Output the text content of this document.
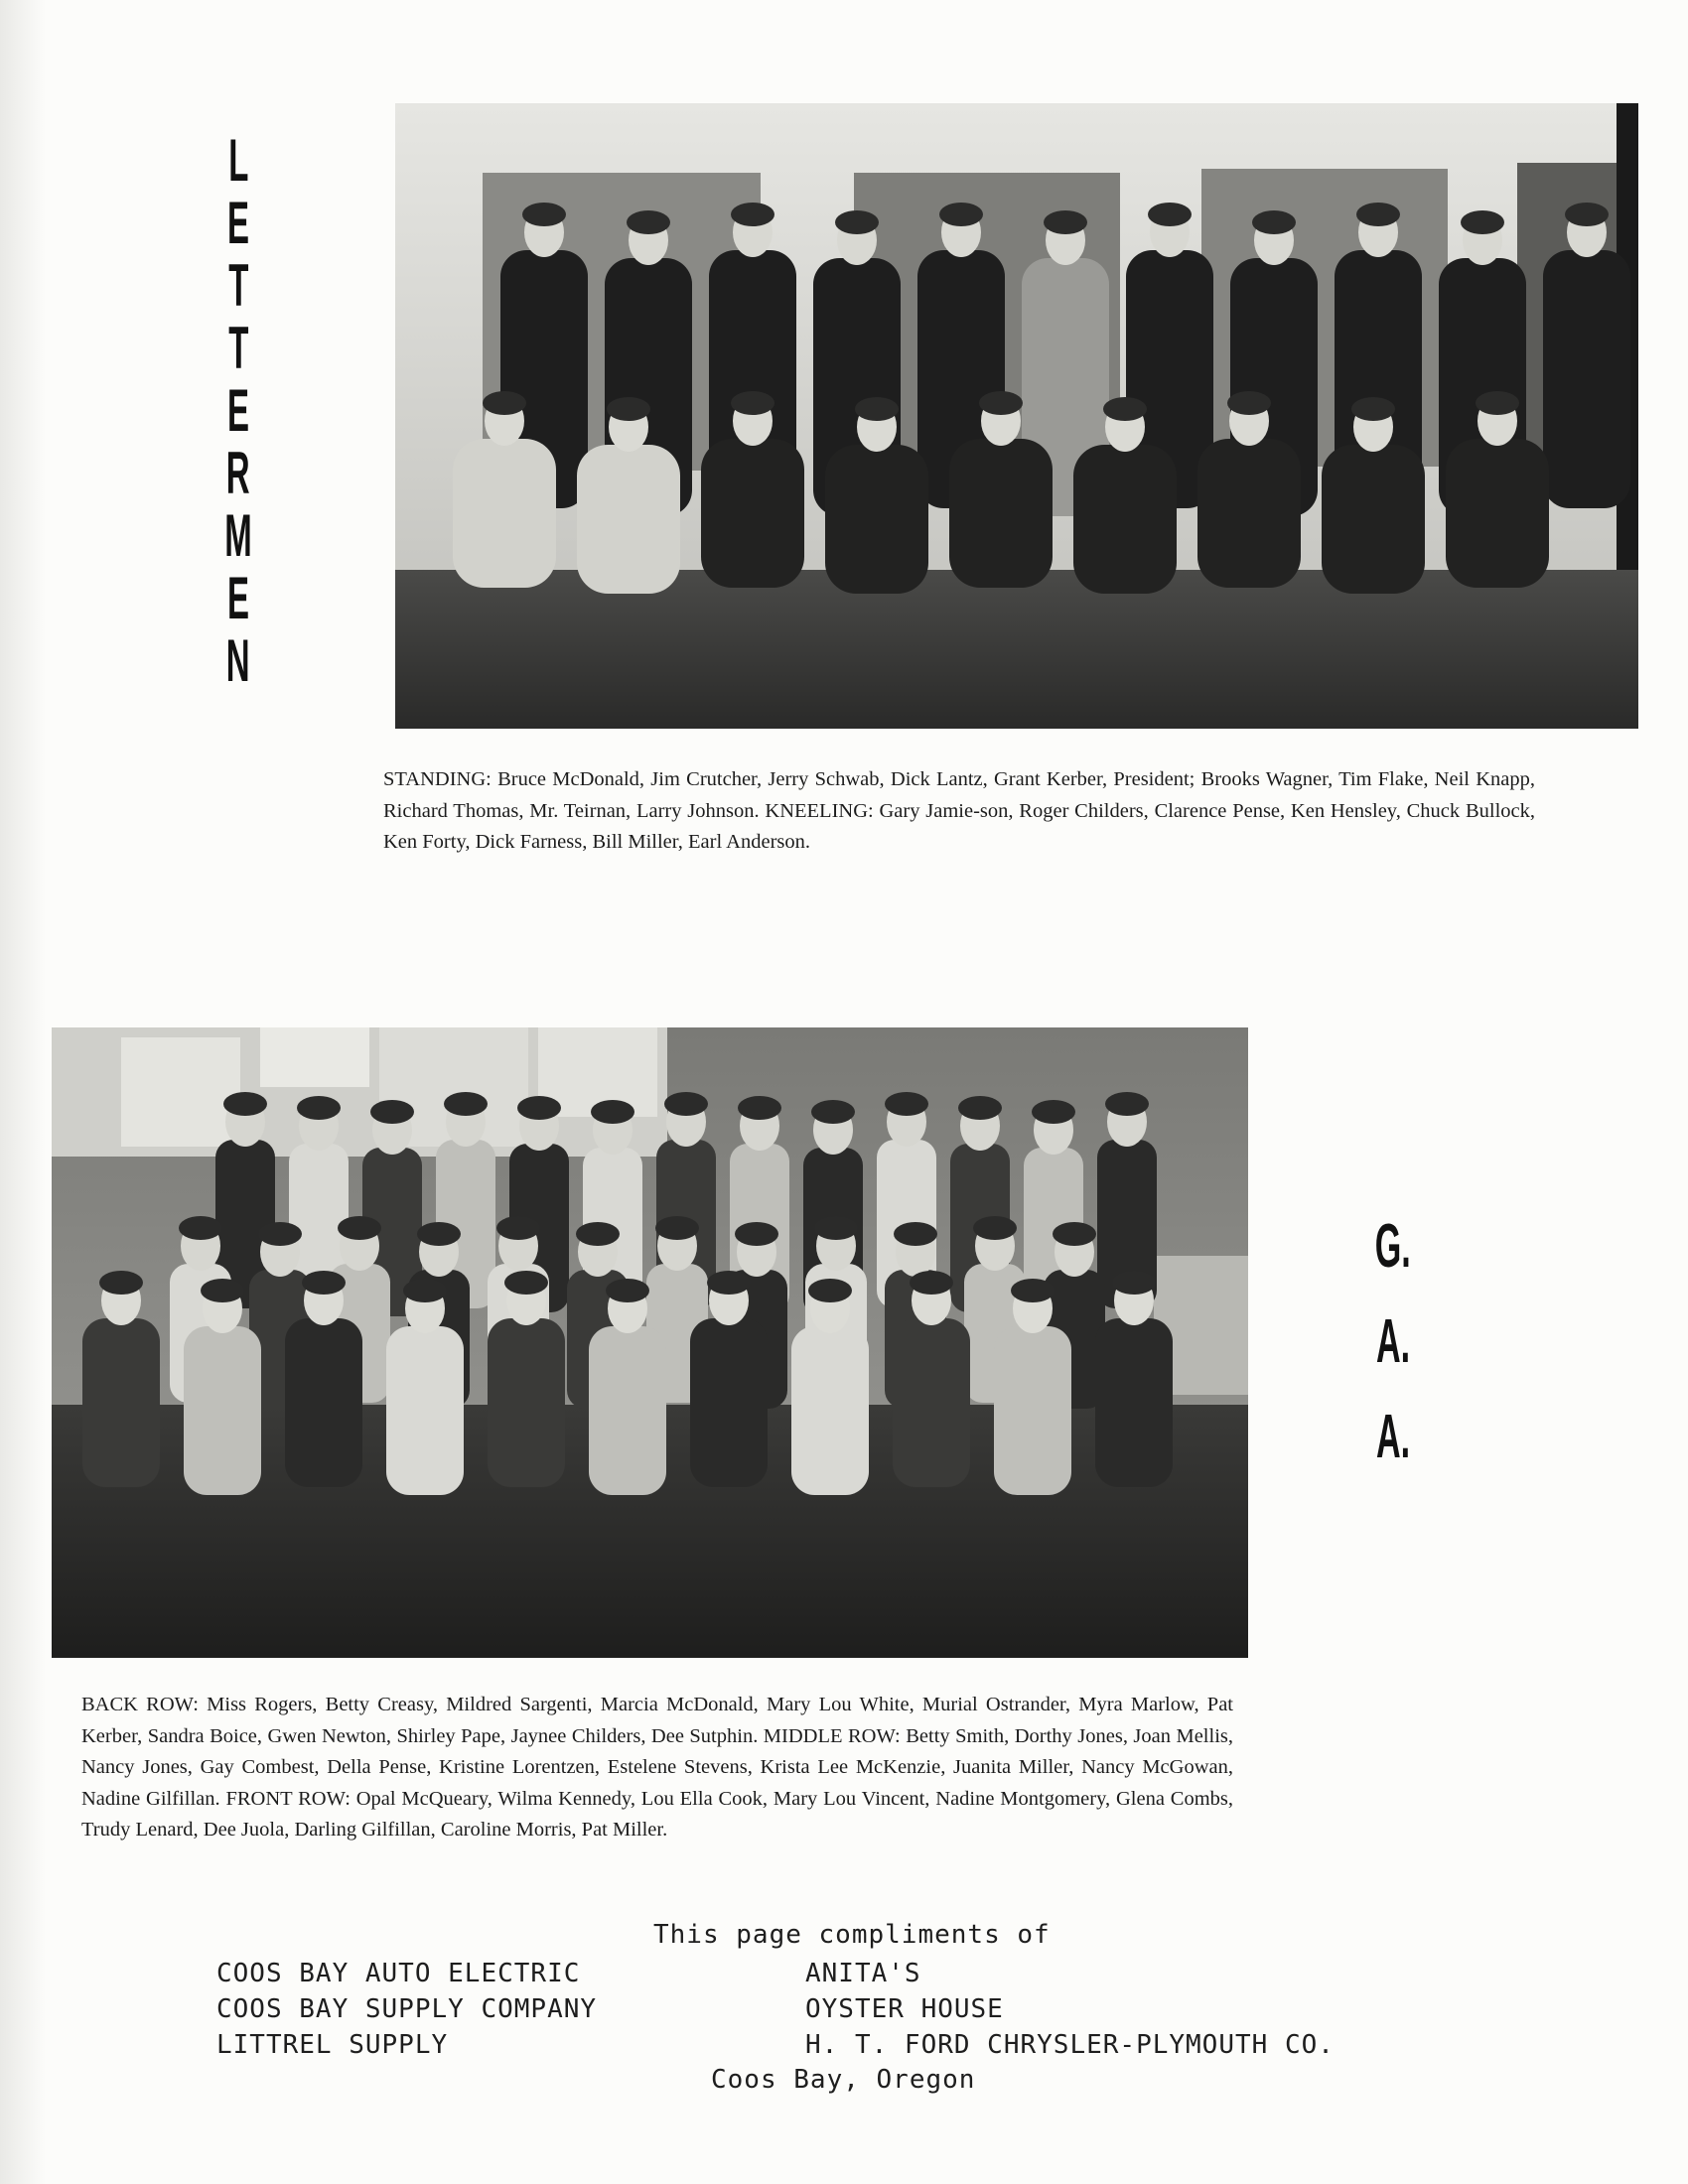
L
E
T
T
E
R
M
E
N
STANDING: Bruce McDonald, Jim Crutcher, Jerry Schwab, Dick Lantz, Grant Kerber, President; Brooks Wagner, Tim Flake, Neil Knapp, Richard Thomas, Mr. Teirnan, Larry Johnson. KNEELING: Gary Jamie-son, Roger Childers, Clarence Pense, Ken Hensley, Chuck Bullock, Ken Forty, Dick Farness, Bill Miller, Earl Anderson.
G.
A.
A.
BACK ROW: Miss Rogers, Betty Creasy, Mildred Sargenti, Marcia McDonald, Mary Lou White, Murial Ostrander, Myra Marlow, Pat Kerber, Sandra Boice, Gwen Newton, Shirley Pape, Jaynee Childers, Dee Sutphin. MIDDLE ROW: Betty Smith, Dorthy Jones, Joan Mellis, Nancy Jones, Gay Combest, Della Pense, Kristine Lorentzen, Estelene Stevens, Krista Lee McKenzie, Juanita Miller, Nancy McGowan, Nadine Gilfillan. FRONT ROW: Opal McQueary, Wilma Kennedy, Lou Ella Cook, Mary Lou Vincent, Nadine Montgomery, Glena Combs, Trudy Lenard, Dee Juola, Darling Gilfillan, Caroline Morris, Pat Miller.
This page compliments of
COOS BAY AUTO ELECTRIC
COOS BAY SUPPLY COMPANY
LITTREL SUPPLY
ANITA'S
OYSTER HOUSE
H. T. FORD CHRYSLER-PLYMOUTH CO.
Coos Bay, Oregon
